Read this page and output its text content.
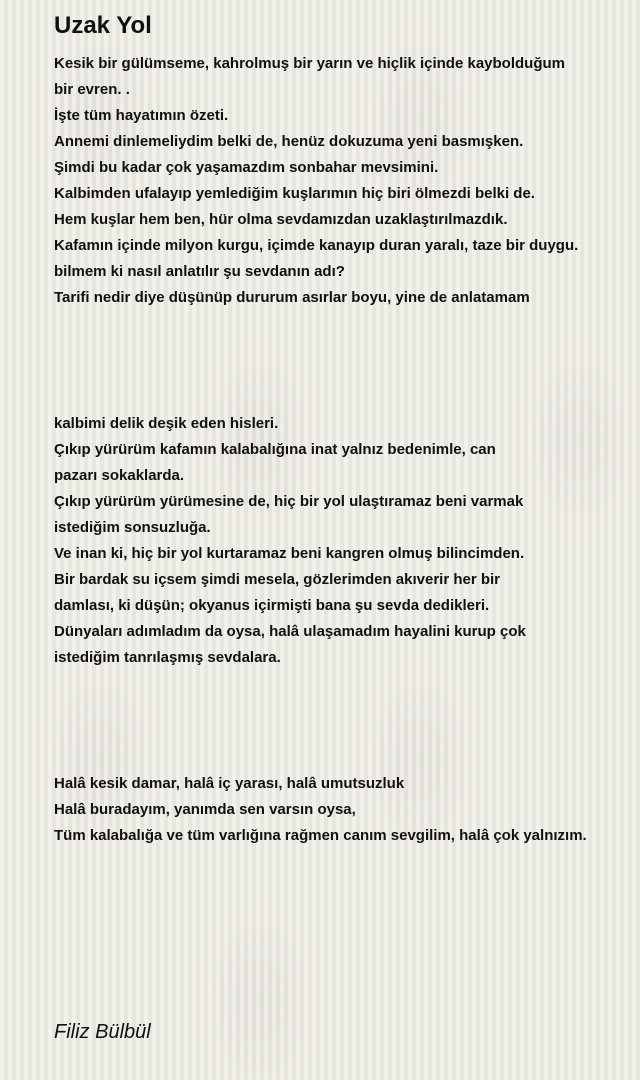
Uzak Yol
Kesik bir gülümseme, kahrolmuş bir yarın ve hiçlik içinde kaybolduğum
bir evren. .
İşte tüm hayatımın özeti.
Annemi dinlemeliydim belki de, henüz dokuzuma yeni basmışken.
Şimdi bu kadar çok yaşamazdım sonbahar mevsimini.
Kalbimden ufalayıp yemlediğim kuşlarımın hiç biri ölmezdi belki de.
Hem kuşlar hem ben, hür olma sevdamızdan uzaklaştırılmazdık.
Kafamın içinde milyon kurgu, içimde kanayıp duran yaralı, taze bir duygu.
bilmem ki nasıl anlatılır şu sevdanın adı?
Tarifi nedir diye düşünüp dururum asırlar boyu, yine de anlatamam
kalbimi delik deşik eden hisleri.
Çıkıp yürürüm kafamın kalabalığına inat yalnız bedenimle, can
pazarı sokaklarda.
Çıkıp yürürüm yürümesine de, hiç bir yol ulaştıramaz beni varmak
istediğim sonsuzluğa.
Ve inan ki, hiç bir yol kurtaramaz beni kangren olmuş bilincimden.
Bir bardak su içsem şimdi mesela, gözlerimden akıverir her bir
damlası, ki düşün; okyanus içirmişti bana şu sevda dedikleri.
Dünyaları adımladım da oysa, halâ ulaşamadım hayalini kurup çok
istediğim tanrılaşmış sevdalara.
Halâ kesik damar, halâ iç yarası, halâ umutsuzluk
Halâ buradayım, yanımda sen varsın oysa,
Tüm kalabalığa ve tüm varlığına rağmen canım sevgilim, halâ çok yalnızım.

Filiz Bülbül
